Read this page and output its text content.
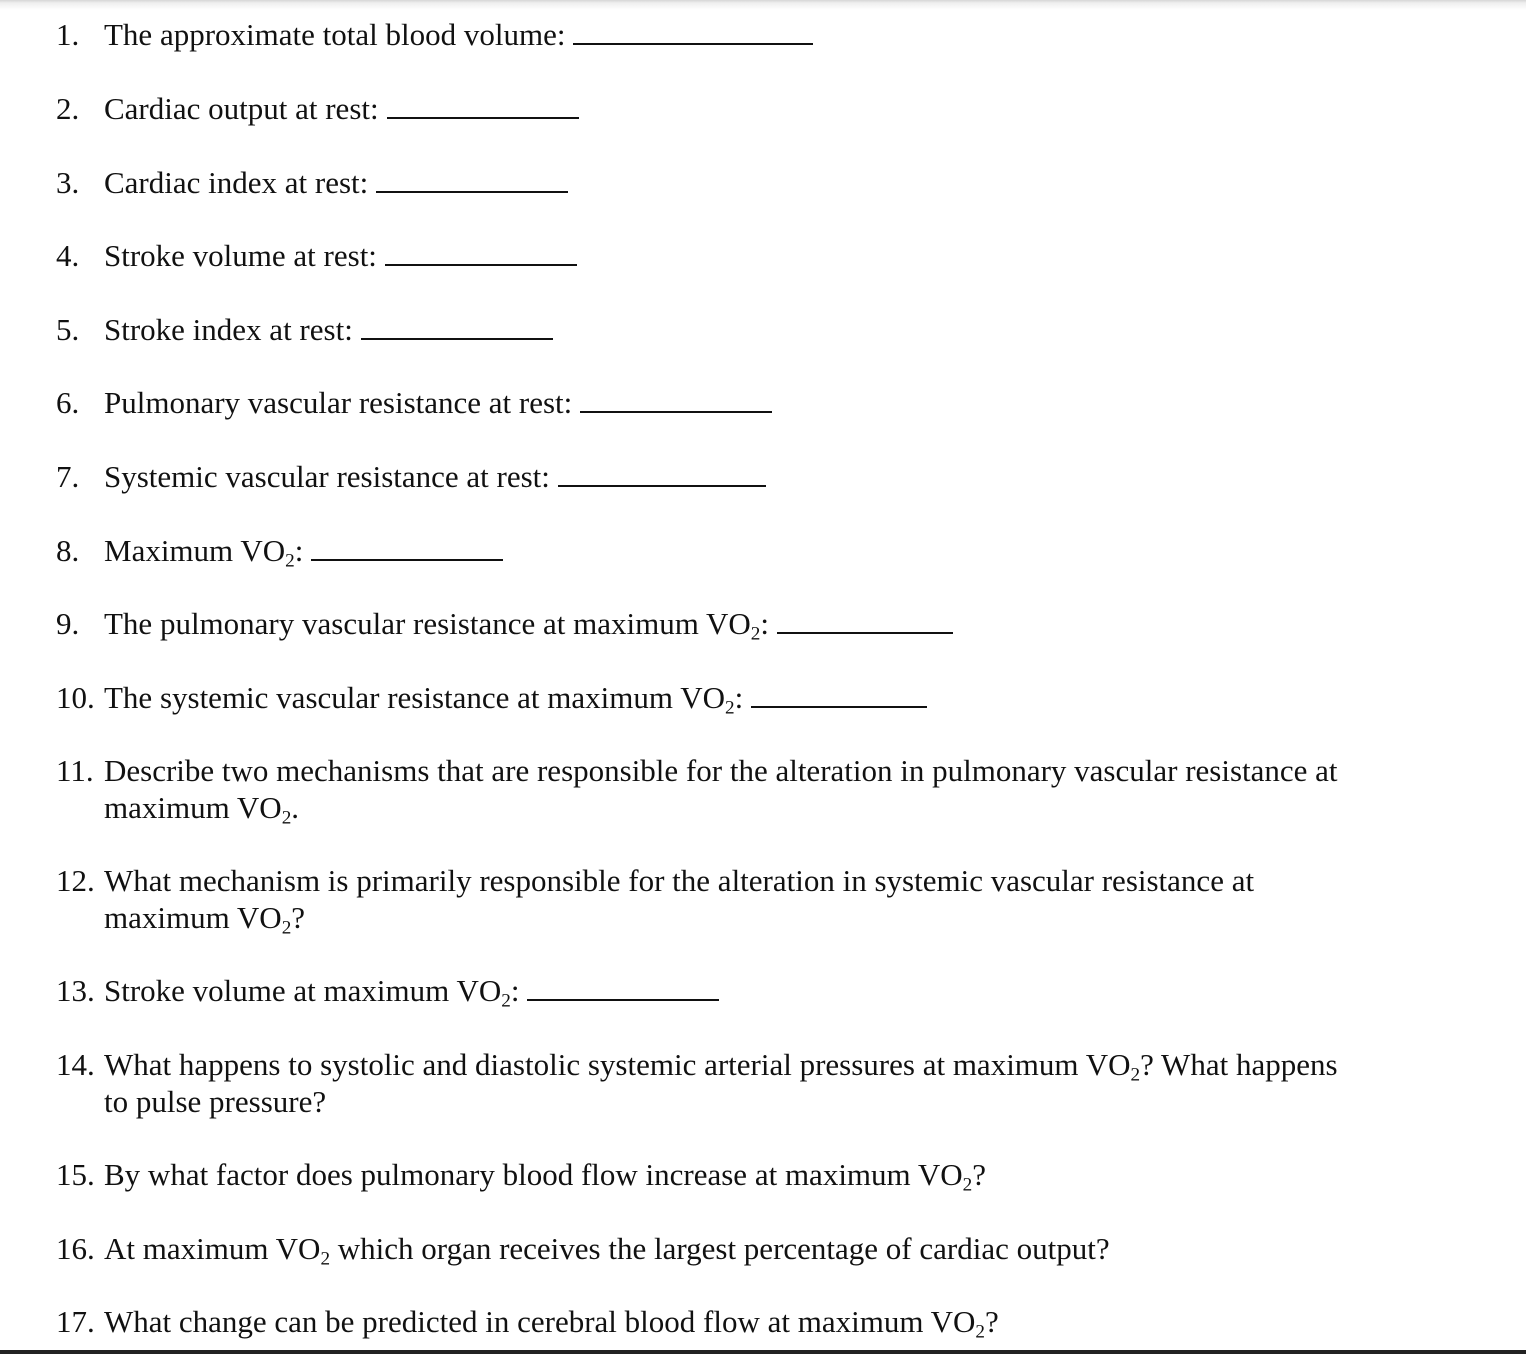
1. The approximate total blood volume:
2. Cardiac output at rest:
3. Cardiac index at rest:
4. Stroke volume at rest:
5. Stroke index at rest:
6. Pulmonary vascular resistance at rest:
7. Systemic vascular resistance at rest:
8. Maximum $VO_2$:
9. The pulmonary vascular resistance at maximum $VO_2$:
10. The systemic vascular resistance at maximum $VO_2$:
11. Describe two mechanisms that are responsible for the alteration in pulmonary vascular resistance at
maximum $VO_2$.
12. What mechanism is primarily responsible for the alteration in systemic vascular resistance at
maximum $VO_2$?
13. Stroke volume at maximum $VO_2$:
14. What happens to systolic and diastolic systemic arterial pressures at maximum $VO_2$? What happens
to pulse pressure?
15. By what factor does pulmonary blood flow increase at maximum $VO_2$?
16. At maximum $VO_2$ which organ receives the largest percentage of cardiac output?
17. What change can be predicted in cerebral blood flow at maximum $VO_2$?
